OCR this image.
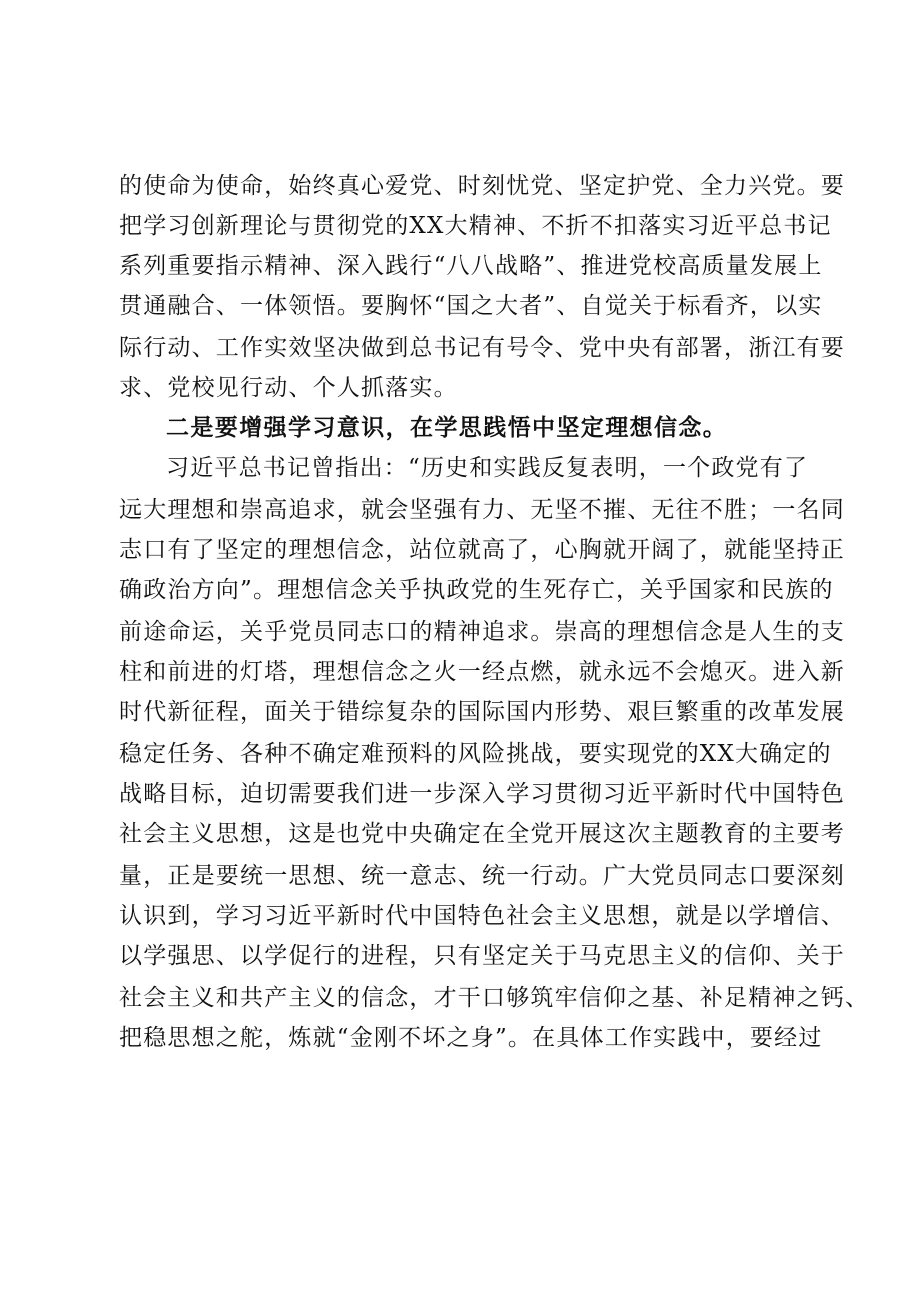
的使命为使命，始终真心爱党、时刻忧党、坚定护党、全力兴党。要
把学习创新理论与贯彻党的XX大精神、不折不扣落实习近平总书记
系列重要指示精神、深入践行“八八战略”、推进党校高质量发展上
贯通融合、一体领悟。要胸怀“国之大者”、自觉关于标看齐，以实
际行动、工作实效坚决做到总书记有号令、党中央有部署，浙江有要
求、党校见行动、个人抓落实。
二是要增强学习意识，在学思践悟中坚定理想信念。
习近平总书记曾指出：“历史和实践反复表明，一个政党有了
远大理想和崇高追求，就会坚强有力、无坚不摧、无往不胜；一名同
志口有了坚定的理想信念，站位就高了，心胸就开阔了，就能坚持正
确政治方向”。理想信念关乎执政党的生死存亡，关乎国家和民族的
前途命运，关乎党员同志口的精神追求。崇高的理想信念是人生的支
柱和前进的灯塔，理想信念之火一经点燃，就永远不会熄灭。进入新
时代新征程，面关于错综复杂的国际国内形势、艰巨繁重的改革发展
稳定任务、各种不确定难预料的风险挑战，要实现党的XX大确定的
战略目标，迫切需要我们进一步深入学习贯彻习近平新时代中国特色
社会主义思想，这是也党中央确定在全党开展这次主题教育的主要考
量，正是要统一思想、统一意志、统一行动。广大党员同志口要深刻
认识到，学习习近平新时代中国特色社会主义思想，就是以学增信、
以学强思、以学促行的进程，只有坚定关于马克思主义的信仰、关于
社会主义和共产主义的信念，才干口够筑牢信仰之基、补足精神之钙、
把稳思想之舵，炼就“金刚不坏之身”。在具体工作实践中，要经过
